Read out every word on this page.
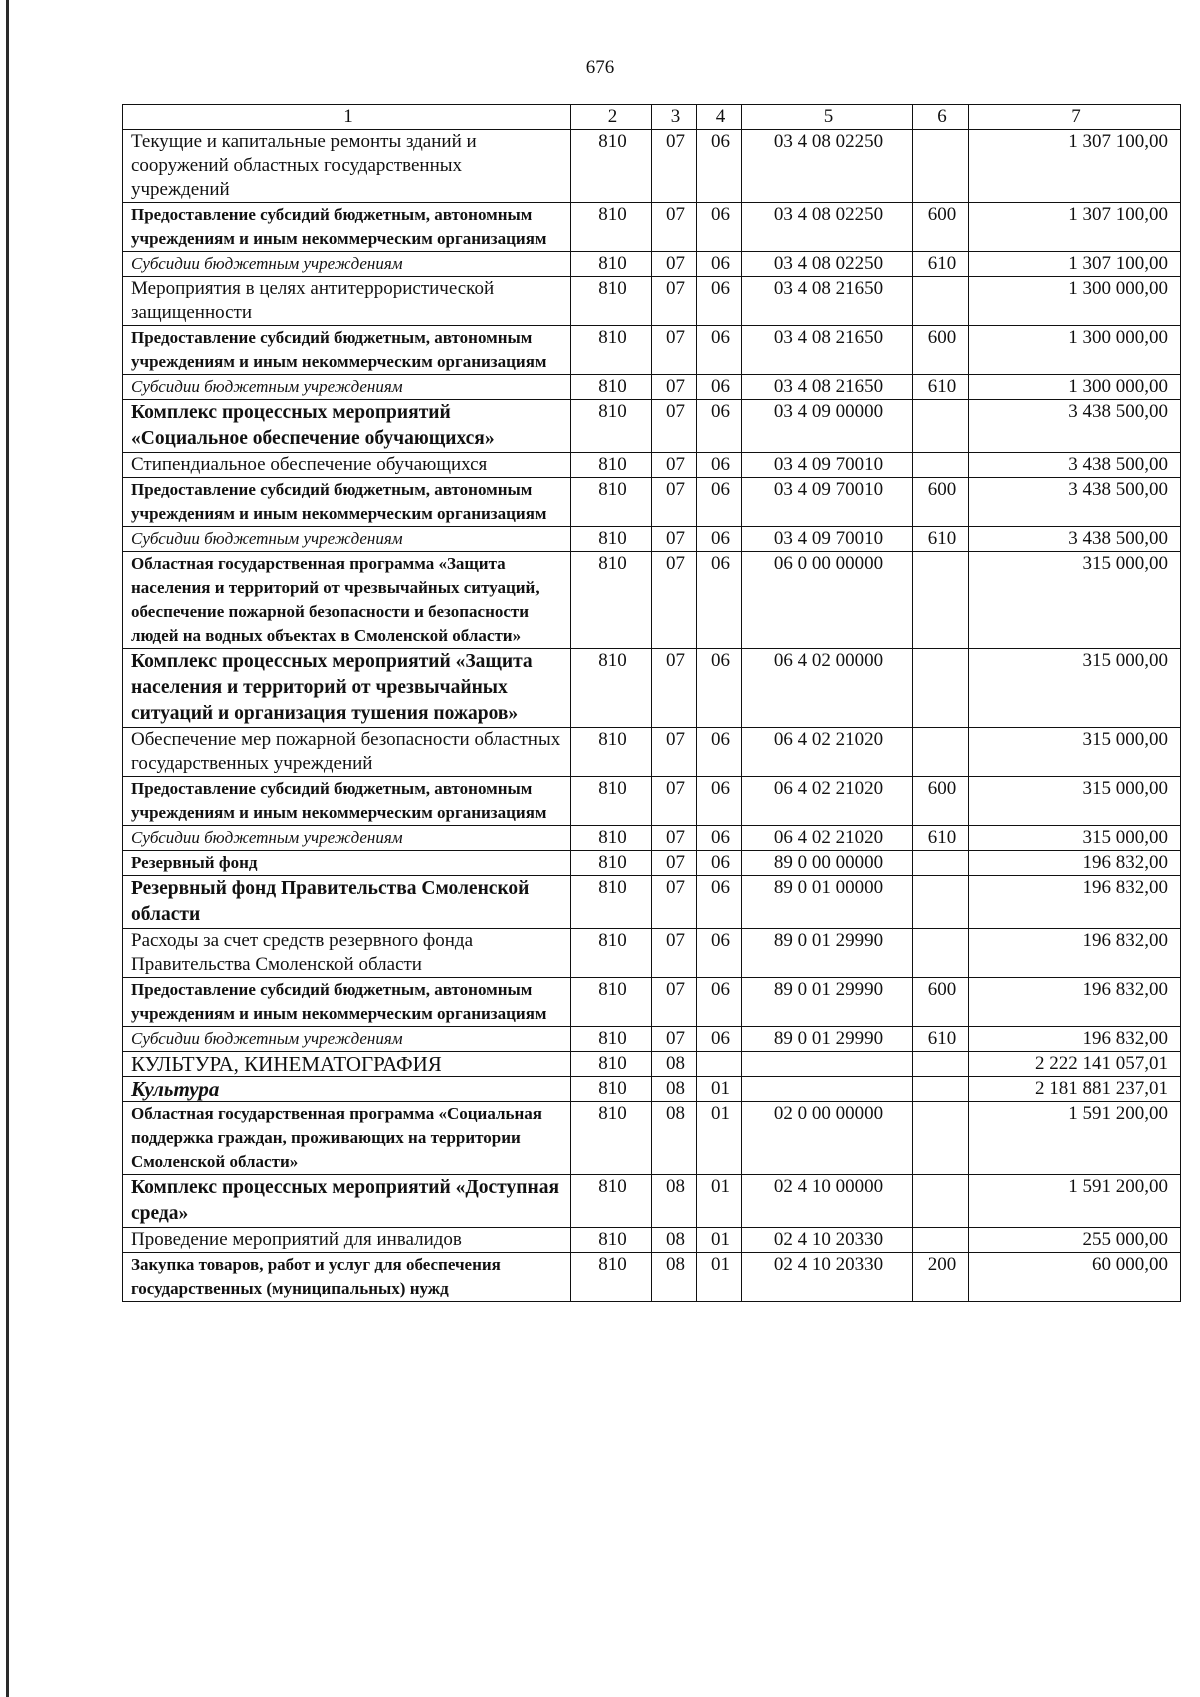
676
1	2	3	4	5	6	7
Текущие и капитальные ремонты зданий и сооружений областных государственных учреждений	810	07	06	03 4 08 02250		1 307 100,00
Предоставление субсидий бюджетным, автономным учреждениям и иным некоммерческим организациям	810	07	06	03 4 08 02250	600	1 307 100,00
Субсидии бюджетным учреждениям	810	07	06	03 4 08 02250	610	1 307 100,00
Мероприятия в целях антитеррористической защищенности	810	07	06	03 4 08 21650		1 300 000,00
Предоставление субсидий бюджетным, автономным учреждениям и иным некоммерческим организациям	810	07	06	03 4 08 21650	600	1 300 000,00
Субсидии бюджетным учреждениям	810	07	06	03 4 08 21650	610	1 300 000,00
Комплекс процессных мероприятий «Социальное обеспечение обучающихся»	810	07	06	03 4 09 00000		3 438 500,00
Стипендиальное обеспечение обучающихся	810	07	06	03 4 09 70010		3 438 500,00
Предоставление субсидий бюджетным, автономным учреждениям и иным некоммерческим организациям	810	07	06	03 4 09 70010	600	3 438 500,00
Субсидии бюджетным учреждениям	810	07	06	03 4 09 70010	610	3 438 500,00
Областная государственная программа «Защита населения и территорий от чрезвычайных ситуаций, обеспечение пожарной безопасности и безопасности людей на водных объектах в Смоленской области»	810	07	06	06 0 00 00000		315 000,00
Комплекс процессных мероприятий «Защита населения и территорий от чрезвычайных ситуаций и организация тушения пожаров»	810	07	06	06 4 02 00000		315 000,00
Обеспечение мер пожарной безопасности областных государственных учреждений	810	07	06	06 4 02 21020		315 000,00
Предоставление субсидий бюджетным, автономным учреждениям и иным некоммерческим организациям	810	07	06	06 4 02 21020	600	315 000,00
Субсидии бюджетным учреждениям	810	07	06	06 4 02 21020	610	315 000,00
Резервный фонд	810	07	06	89 0 00 00000		196 832,00
Резервный фонд Правительства Смоленской области	810	07	06	89 0 01 00000		196 832,00
Расходы за счет средств резервного фонда Правительства Смоленской области	810	07	06	89 0 01 29990		196 832,00
Предоставление субсидий бюджетным, автономным учреждениям и иным некоммерческим организациям	810	07	06	89 0 01 29990	600	196 832,00
Субсидии бюджетным учреждениям	810	07	06	89 0 01 29990	610	196 832,00
КУЛЬТУРА, КИНЕМАТОГРАФИЯ	810	08				2 222 141 057,01
Культура	810	08	01			2 181 881 237,01
Областная государственная программа «Социальная поддержка граждан, проживающих на территории Смоленской области»	810	08	01	02 0 00 00000		1 591 200,00
Комплекс процессных мероприятий «Доступная среда»	810	08	01	02 4 10 00000		1 591 200,00
Проведение мероприятий для инвалидов	810	08	01	02 4 10 20330		255 000,00
Закупка товаров, работ и услуг для обеспечения государственных (муниципальных) нужд	810	08	01	02 4 10 20330	200	60 000,00
